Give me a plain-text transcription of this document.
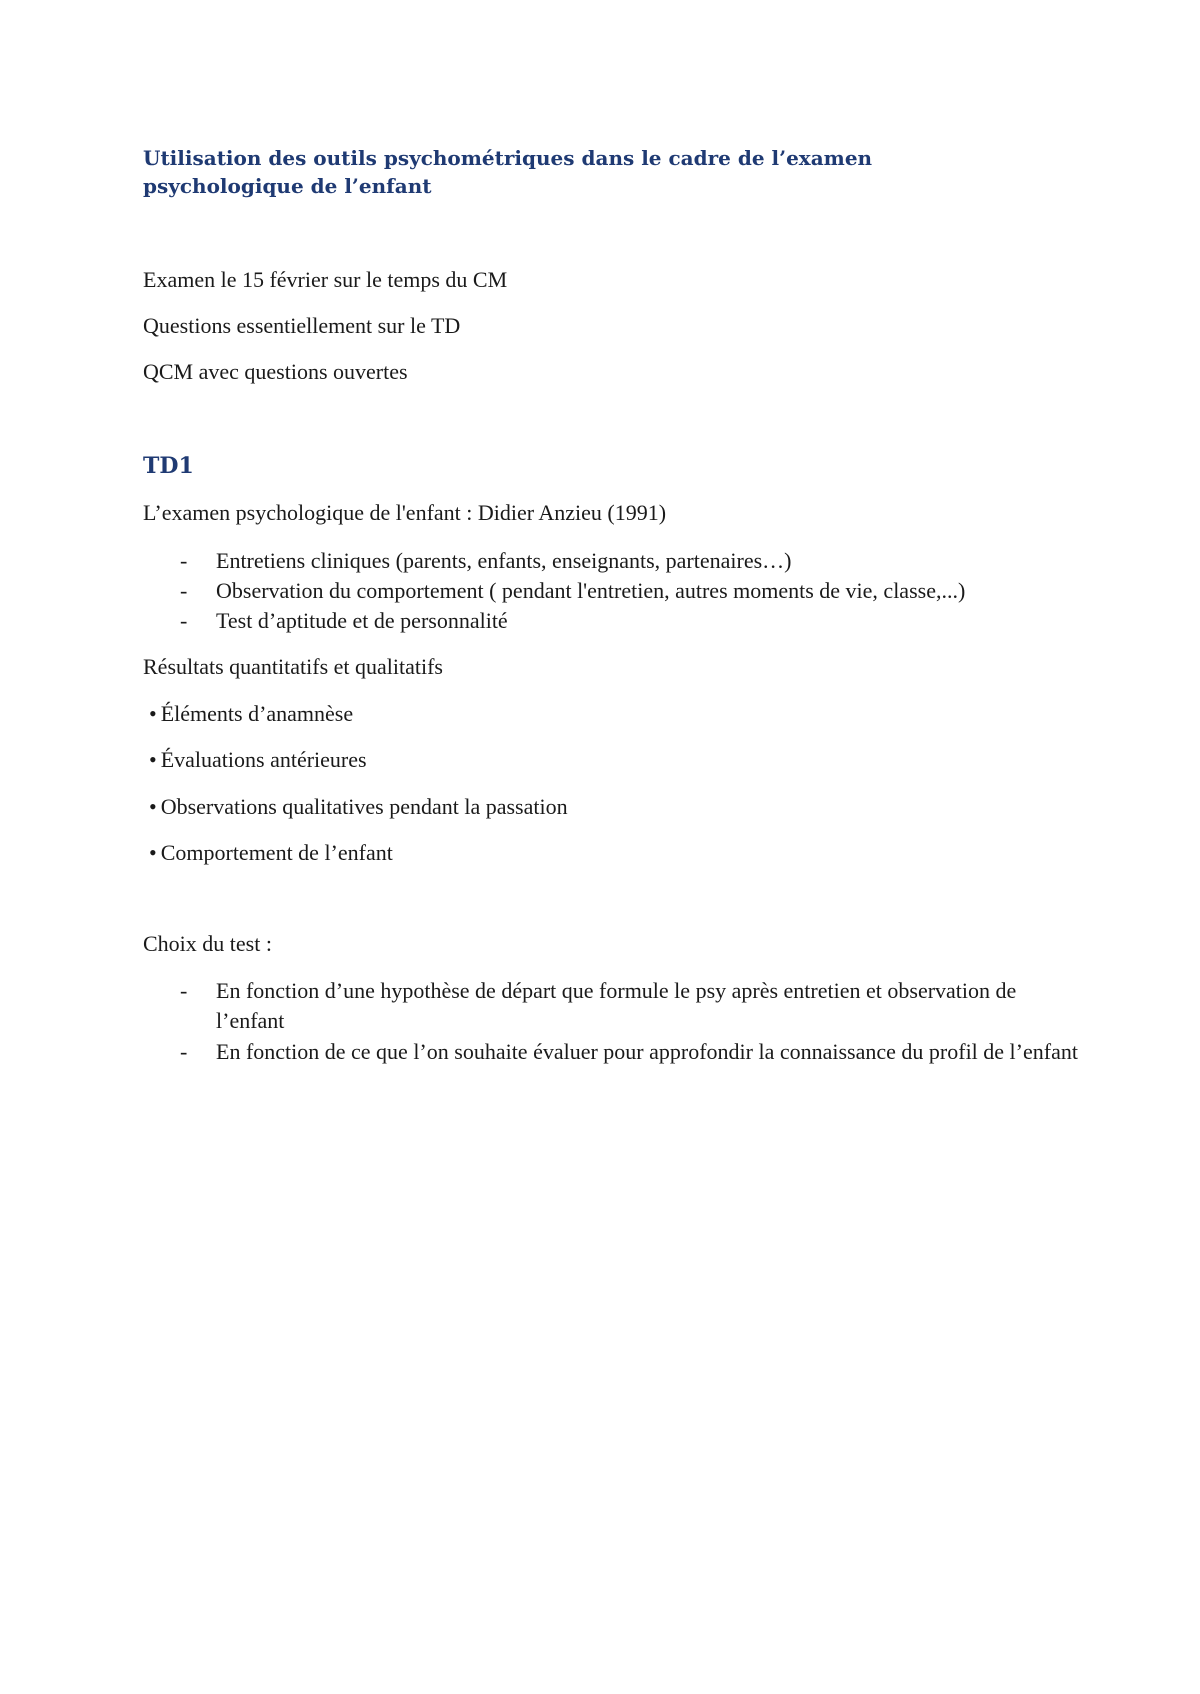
Utilisation des outils psychométriques dans le cadre de l’examen psychologique de l’enfant

Examen le 15 février sur le temps du CM

Questions essentiellement sur le TD

QCM avec questions ouvertes

TD1

L’examen psychologique de l'enfant : Didier Anzieu (1991)

-	Entretiens cliniques (parents, enfants, enseignants, partenaires…)
-	Observation du comportement ( pendant l'entretien, autres moments de vie, classe,...)
-	Test d’aptitude et de personnalité

Résultats quantitatifs et qualitatifs

• Éléments d’anamnèse
• Évaluations antérieures
• Observations qualitatives pendant la passation
• Comportement de l’enfant

Choix du test :

-	En fonction d’une hypothèse de départ que formule le psy après entretien et observation de l’enfant
-	En fonction de ce que l’on souhaite évaluer pour approfondir la connaissance du profil de l’enfant
